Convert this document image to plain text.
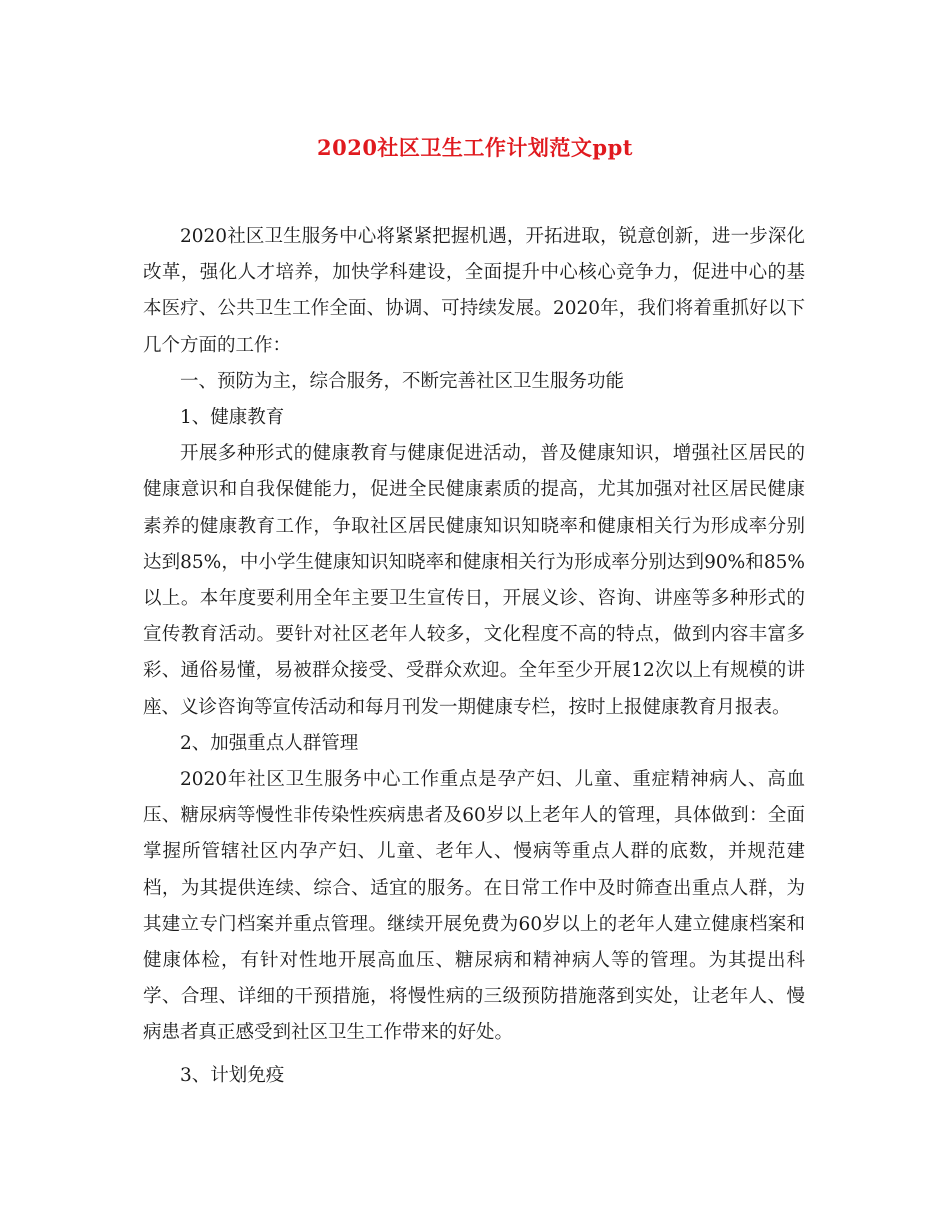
2020社区卫生工作计划范文ppt

2020社区卫生服务中心将紧紧把握机遇，开拓进取，锐意创新，进一步深化改革，强化人才培养，加快学科建设，全面提升中心核心竞争力，促进中心的基本医疗、公共卫生工作全面、协调、可持续发展。2020年，我们将着重抓好以下几个方面的工作：

一、预防为主，综合服务，不断完善社区卫生服务功能

1、健康教育

开展多种形式的健康教育与健康促进活动，普及健康知识，增强社区居民的健康意识和自我保健能力，促进全民健康素质的提高，尤其加强对社区居民健康素养的健康教育工作，争取社区居民健康知识知晓率和健康相关行为形成率分别达到85%，中小学生健康知识知晓率和健康相关行为形成率分别达到90%和85%以上。本年度要利用全年主要卫生宣传日，开展义诊、咨询、讲座等多种形式的宣传教育活动。要针对社区老年人较多，文化程度不高的特点，做到内容丰富多彩、通俗易懂，易被群众接受、受群众欢迎。全年至少开展12次以上有规模的讲座、义诊咨询等宣传活动和每月刊发一期健康专栏，按时上报健康教育月报表。

2、加强重点人群管理

2020年社区卫生服务中心工作重点是孕产妇、儿童、重症精神病人、高血压、糖尿病等慢性非传染性疾病患者及60岁以上老年人的管理，具体做到：全面掌握所管辖社区内孕产妇、儿童、老年人、慢病等重点人群的底数，并规范建档，为其提供连续、综合、适宜的服务。在日常工作中及时筛查出重点人群，为其建立专门档案并重点管理。继续开展免费为60岁以上的老年人建立健康档案和健康体检，有针对性地开展高血压、糖尿病和精神病人等的管理。为其提出科学、合理、详细的干预措施，将慢性病的三级预防措施落到实处，让老年人、慢病患者真正感受到社区卫生工作带来的好处。

3、计划免疫
